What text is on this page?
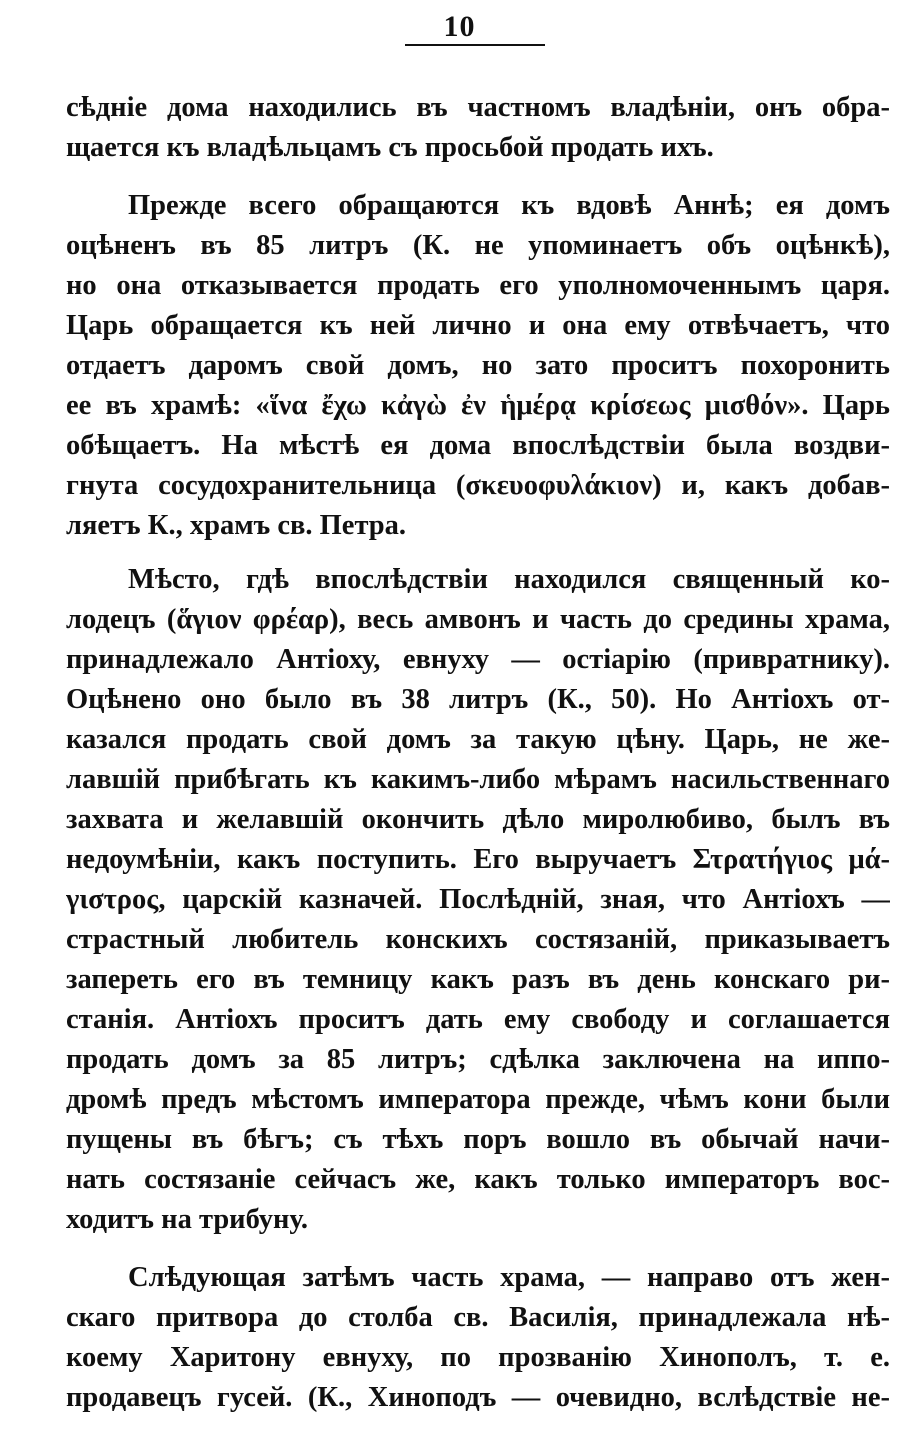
10
сѣдніе дома находились въ частномъ владѣніи, онъ обра-
щается къ владѣльцамъ съ просьбой продать ихъ.
Прежде всего обращаются къ вдовѣ Аннѣ; ея домъ
оцѣненъ въ 85 литръ (К. не упоминаетъ объ оцѣнкѣ),
но она отказывается продать его уполномоченнымъ царя.
Царь обращается къ ней лично и она ему отвѣчаетъ, что
отдаетъ даромъ свой домъ, но зато проситъ похоронить
ее въ храмѣ: «ἵνα ἔχω κἀγὼ ἐν ἡμέρᾳ κρίσεως μισθόν». Царь
обѣщаетъ. На мѣстѣ ея дома впослѣдствіи была воздви-
гнута сосудохранительница (σκευοφυλάκιον) и, какъ добав-
ляетъ К., храмъ св. Петра.
Мѣсто, гдѣ впослѣдствіи находился священный ко-
лодецъ (ἅγιον φρέαρ), весь амвонъ и часть до средины храма,
принадлежало Антіоху, евнуху — остіарію (привратнику).
Оцѣнено оно было въ 38 литръ (К., 50). Но Антіохъ от-
казался продать свой домъ за такую цѣну. Царь, не же-
лавшій прибѣгать къ какимъ-либо мѣрамъ насильственнаго
захвата и желавшій окончить дѣло миролюбиво, былъ въ
недоумѣніи, какъ поступить. Его выручаетъ Στρατήγιος μά-
γιστρος, царскій казначей. Послѣдній, зная, что Антіохъ —
страстный любитель конскихъ состязаній, приказываетъ
запереть его въ темницу какъ разъ въ день конскаго ри-
станія. Антіохъ проситъ дать ему свободу и соглашается
продать домъ за 85 литръ; сдѣлка заключена на иппо-
дромѣ предъ мѣстомъ императора прежде, чѣмъ кони были
пущены въ бѣгъ; съ тѣхъ поръ вошло въ обычай начи-
нать состязаніе сейчасъ же, какъ только императоръ вос-
ходитъ на трибуну.
Слѣдующая затѣмъ часть храма, — направо отъ жен-
скаго притвора до столба св. Василія, принадлежала нѣ-
коему Харитону евнуху, по прозванію Хинополъ, т. е.
продавецъ гусей. (К., Хиноподъ — очевидно, вслѣдствіе не-
